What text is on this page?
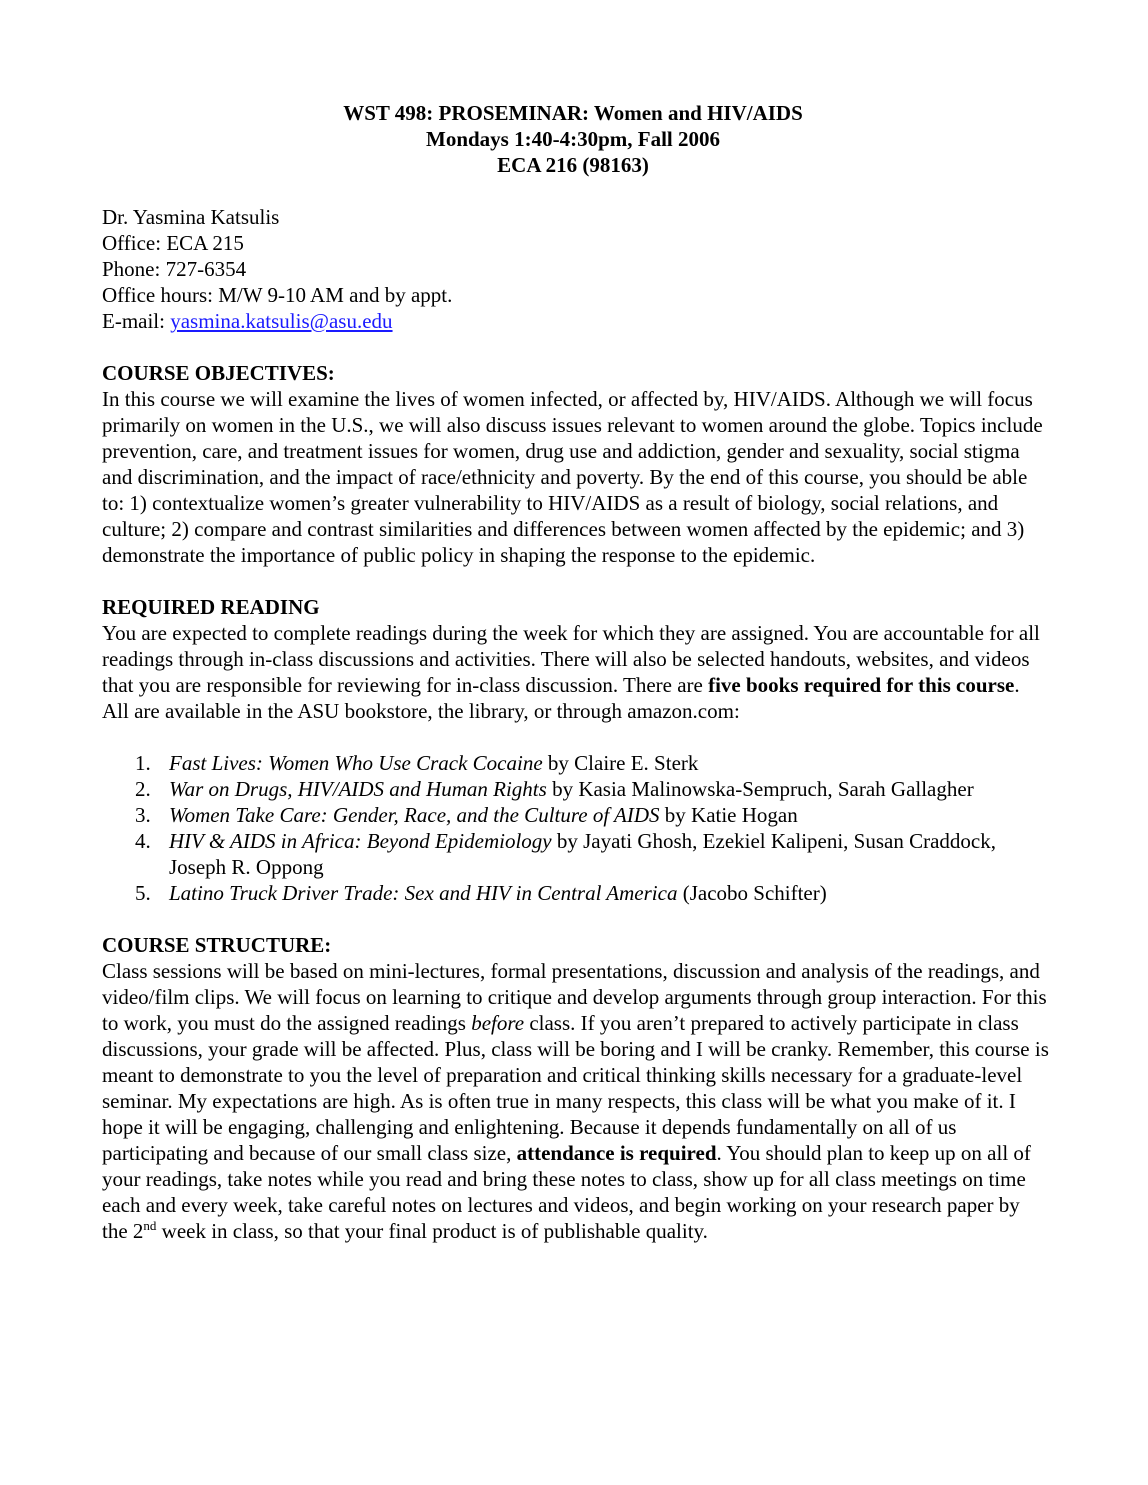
WST 498: PROSEMINAR: Women and HIV/AIDS
Mondays 1:40-4:30pm, Fall 2006
ECA 216 (98163)
Dr. Yasmina Katsulis
Office: ECA 215
Phone: 727-6354
Office hours: M/W 9-10 AM and by appt.
E-mail: yasmina.katsulis@asu.edu
COURSE OBJECTIVES:
In this course we will examine the lives of women infected, or affected by, HIV/AIDS. Although we will focus primarily on women in the U.S., we will also discuss issues relevant to women around the globe. Topics include prevention, care, and treatment issues for women, drug use and addiction, gender and sexuality, social stigma and discrimination, and the impact of race/ethnicity and poverty. By the end of this course, you should be able to: 1) contextualize women’s greater vulnerability to HIV/AIDS as a result of biology, social relations, and culture; 2) compare and contrast similarities and differences between women affected by the epidemic; and 3) demonstrate the importance of public policy in shaping the response to the epidemic.
REQUIRED READING
You are expected to complete readings during the week for which they are assigned. You are accountable for all readings through in-class discussions and activities. There will also be selected handouts, websites, and videos that you are responsible for reviewing for in-class discussion. There are five books required for this course. All are available in the ASU bookstore, the library, or through amazon.com:
1. Fast Lives: Women Who Use Crack Cocaine by Claire E. Sterk
2. War on Drugs, HIV/AIDS and Human Rights by Kasia Malinowska-Sempruch, Sarah Gallagher
3. Women Take Care: Gender, Race, and the Culture of AIDS by Katie Hogan
4. HIV & AIDS in Africa: Beyond Epidemiology by Jayati Ghosh, Ezekiel Kalipeni, Susan Craddock, Joseph R. Oppong
5. Latino Truck Driver Trade: Sex and HIV in Central America (Jacobo Schifter)
COURSE STRUCTURE:
Class sessions will be based on mini-lectures, formal presentations, discussion and analysis of the readings, and video/film clips. We will focus on learning to critique and develop arguments through group interaction. For this to work, you must do the assigned readings before class. If you aren’t prepared to actively participate in class discussions, your grade will be affected. Plus, class will be boring and I will be cranky. Remember, this course is meant to demonstrate to you the level of preparation and critical thinking skills necessary for a graduate-level seminar. My expectations are high. As is often true in many respects, this class will be what you make of it. I hope it will be engaging, challenging and enlightening. Because it depends fundamentally on all of us participating and because of our small class size, attendance is required. You should plan to keep up on all of your readings, take notes while you read and bring these notes to class, show up for all class meetings on time each and every week, take careful notes on lectures and videos, and begin working on your research paper by the 2nd week in class, so that your final product is of publishable quality.
